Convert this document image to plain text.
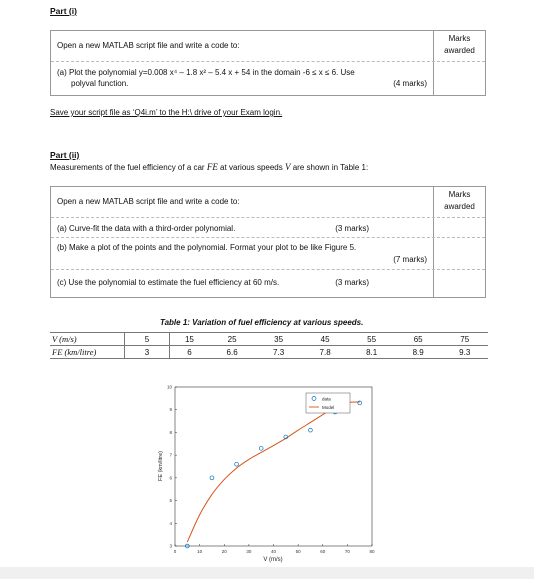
Part (i)
Open a new MATLAB script file and write a code to:
Marks
awarded
(a) Plot the polynomial y=0.008 x⁴ – 1.8 x² – 5.4 x + 54 in the domain -6 ≤ x ≤ 6. Use
polyval function.	(4 marks)
Save your script file as ‘Q4i.m’ to the H:\ drive of your Exam login.
Part (ii)
Measurements of the fuel efficiency of a car FE at various speeds V are shown in Table 1:
Open a new MATLAB script file and write a code to:
Marks
awarded
(a) Curve-fit the data with a third-order polynomial.	(3 marks)
(b) Make a plot of the points and the polynomial. Format your plot to be like Figure 5.
(7 marks)
(c) Use the polynomial to estimate the fuel efficiency at 60 m/s.	(3 marks)
Table 1: Variation of fuel efficiency at various speeds.
V (m/s)	5	15	25	35	45	55	65	75
FE (km/litre)	3	6	6.6	7.3	7.8	8.1	8.9	9.3
0	10	20	30	40	50	60	70	80
3
4
5
6
7
8
9
10
data
Model
V (m/s)
FE (km/litre)
